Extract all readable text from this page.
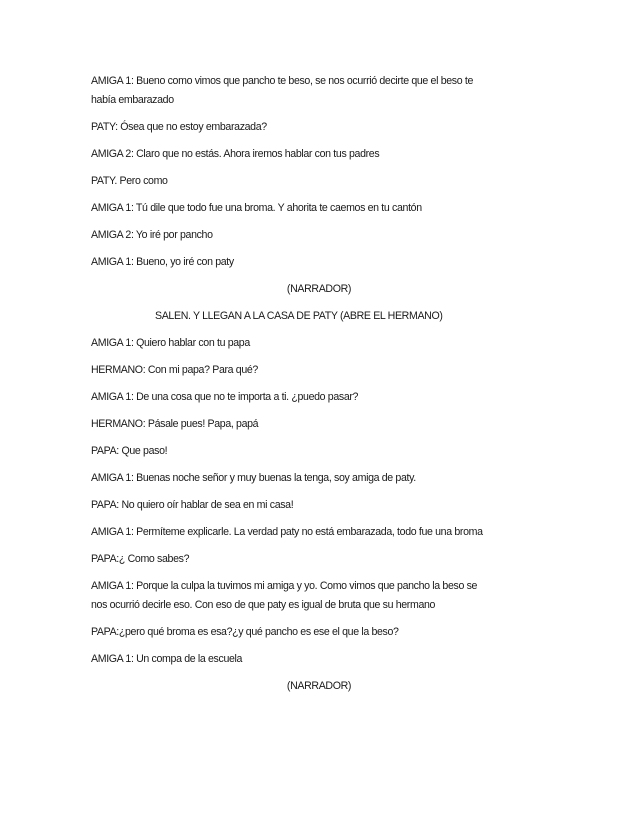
AMIGA 1: Bueno como vimos que pancho te beso, se nos ocurrió decirte que el beso te

había embarazado

PATY: Ósea que no estoy embarazada?

AMIGA 2: Claro que no estás. Ahora iremos hablar con tus padres

PATY. Pero como

AMIGA 1: Tú dile que todo fue una broma. Y ahorita te caemos en tu cantón

AMIGA 2: Yo iré por pancho

AMIGA 1: Bueno, yo iré con paty

(NARRADOR)

SALEN. Y LLEGAN A LA CASA DE PATY (ABRE EL HERMANO)

AMIGA 1: Quiero hablar con tu papa

HERMANO: Con mi papa? Para qué?

AMIGA 1: De una cosa que no te importa a ti. ¿puedo pasar?

HERMANO: Pásale pues! Papa, papá

PAPA: Que paso!

AMIGA 1: Buenas noche señor y muy buenas la tenga, soy amiga de paty.

PAPA: No quiero oír hablar de sea en mi casa!

AMIGA 1: Permíteme explicarle. La verdad paty no está embarazada, todo fue una broma

PAPA:¿ Como sabes?

AMIGA 1: Porque la culpa la tuvimos mi amiga y yo. Como vimos que pancho la beso se

nos ocurrió decirle eso. Con eso de que paty es igual de bruta que su hermano

PAPA:¿pero qué broma es esa?¿y qué pancho es ese el que la beso?

AMIGA 1: Un compa de la escuela

(NARRADOR)
